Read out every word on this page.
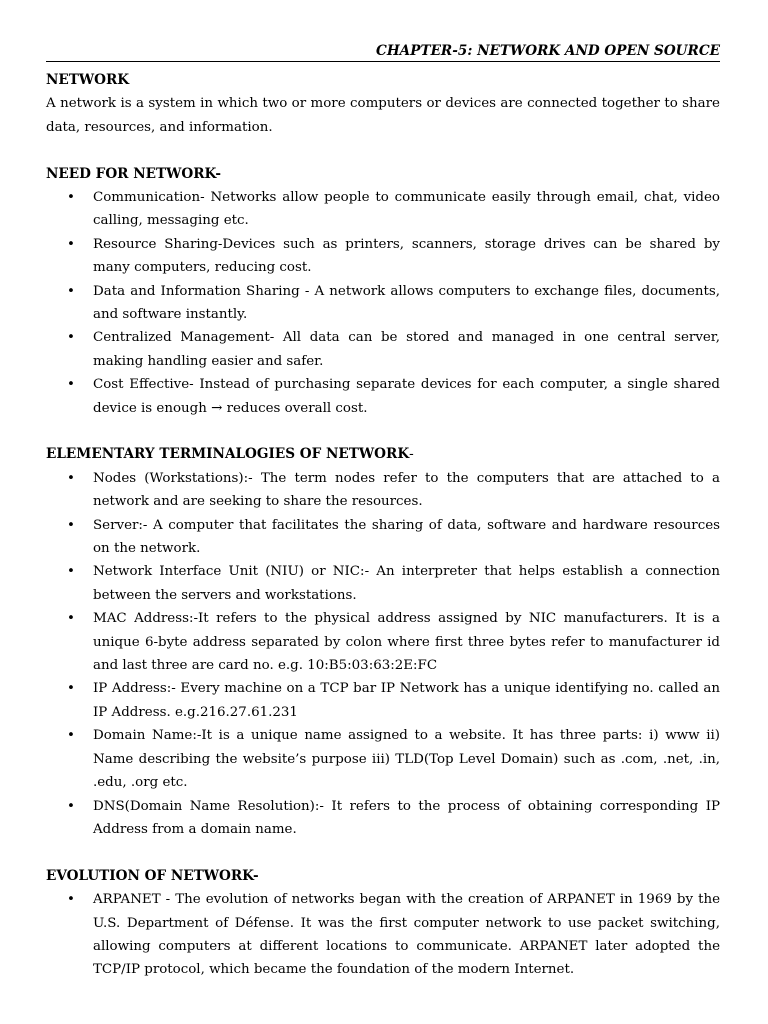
CHAPTER-5: NETWORK AND OPEN SOURCE
NETWORK

A network is a system in which two or more computers or devices are connected together to share data, resources, and information.

NEED FOR NETWORK-
• Communication- Networks allow people to communicate easily through email, chat, video calling, messaging etc.
• Resource Sharing-Devices such as printers, scanners, storage drives can be shared by many computers, reducing cost.
• Data and Information Sharing - A network allows computers to exchange files, documents, and software instantly.
• Centralized Management- All data can be stored and managed in one central server, making handling easier and safer.
• Cost Effective- Instead of purchasing separate devices for each computer, a single shared device is enough → reduces overall cost.
ELEMENTARY TERMINALOGIES OF NETWORK-
• Nodes (Workstations):- The term nodes refer to the computers that are attached to a network and are seeking to share the resources.
• Server:- A computer that facilitates the sharing of data, software and hardware resources on the network.
• Network Interface Unit (NIU) or NIC:- An interpreter that helps establish a connection between the servers and workstations.
• MAC Address:-It refers to the physical address assigned by NIC manufacturers. It is a unique 6-byte address separated by colon where first three bytes refer to manufacturer id and last three are card no. e.g. 10:B5:03:63:2E:FC
• IP Address:- Every machine on a TCP bar IP Network has a unique identifying no. called an IP Address. e.g.216.27.61.231
• Domain Name:-It is a unique name assigned to a website. It has three parts: i) www ii) Name describing the website’s purpose iii) TLD(Top Level Domain) such as .com, .net, .in, .edu, .org etc.
• DNS(Domain Name Resolution):- It refers to the process of obtaining corresponding IP Address from a domain name.
EVOLUTION OF NETWORK-
• ARPANET - The evolution of networks began with the creation of ARPANET in 1969 by the U.S. Department of Défense. It was the first computer network to use packet switching, allowing computers at different locations to communicate. ARPANET later adopted the TCP/IP protocol, which became the foundation of the modern Internet.
